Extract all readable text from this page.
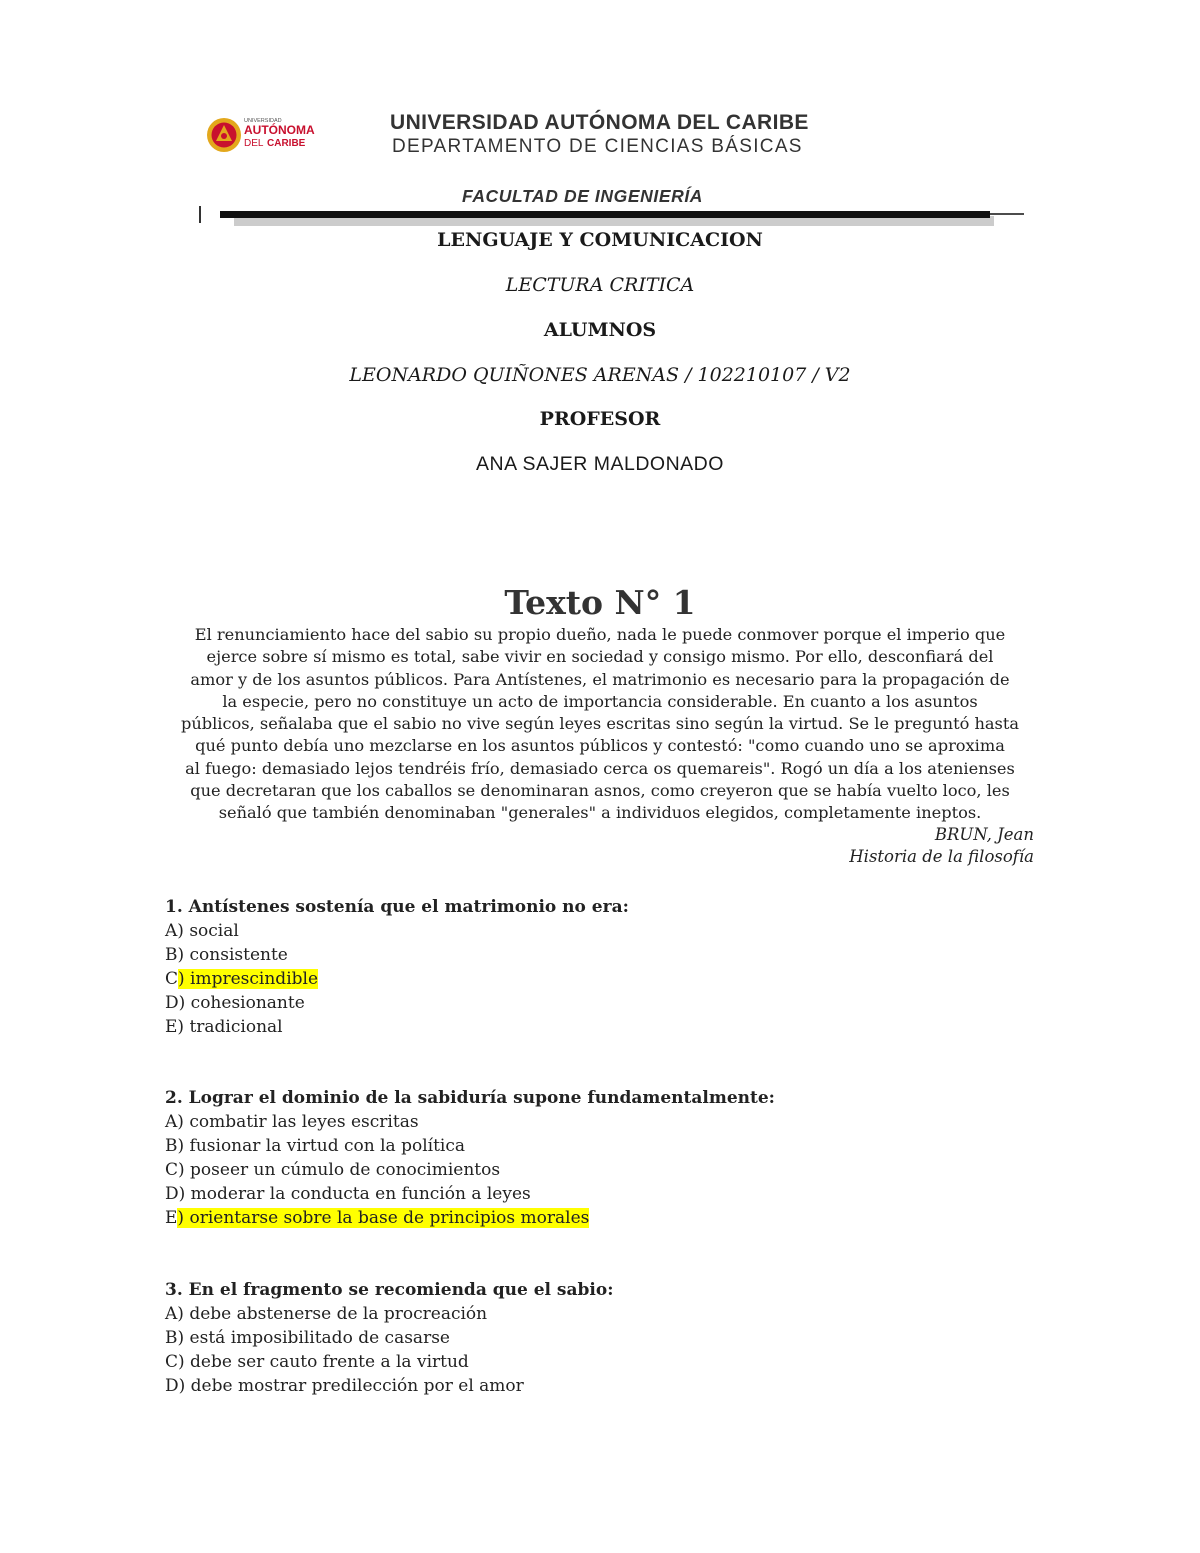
UNIVERSIDAD
AUTÓNOMA
DEL CARIBE
UNIVERSIDAD AUTÓNOMA DEL CARIBE
DEPARTAMENTO DE CIENCIAS BÁSICAS
FACULTAD DE INGENIERÍA
LENGUAJE Y COMUNICACION
LECTURA CRITICA
ALUMNOS
LEONARDO QUIÑONES ARENAS / 102210107 / V2
PROFESOR
ANA SAJER MALDONADO
Texto N° 1
El renunciamiento hace del sabio su propio dueño, nada le puede conmover porque el imperio que
ejerce sobre sí mismo es total, sabe vivir en sociedad y consigo mismo. Por ello, desconfiará del
amor y de los asuntos públicos. Para Antístenes, el matrimonio es necesario para la propagación de
la especie, pero no constituye un acto de importancia considerable. En cuanto a los asuntos
públicos, señalaba que el sabio no vive según leyes escritas sino según la virtud. Se le preguntó hasta
qué punto debía uno mezclarse en los asuntos públicos y contestó: "como cuando uno se aproxima
al fuego: demasiado lejos tendréis frío, demasiado cerca os quemareis". Rogó un día a los atenienses
que decretaran que los caballos se denominaran asnos, como creyeron que se había vuelto loco, les
señaló que también denominaban "generales" a individuos elegidos, completamente ineptos.
BRUN, Jean
Historia de la filosofía
1. Antístenes sostenía que el matrimonio no era:
A) social
B) consistente
C) imprescindible
D) cohesionante
E) tradicional
2. Lograr el dominio de la sabiduría supone fundamentalmente:
A) combatir las leyes escritas
B) fusionar la virtud con la política
C) poseer un cúmulo de conocimientos
D) moderar la conducta en función a leyes
E) orientarse sobre la base de principios morales
3. En el fragmento se recomienda que el sabio:
A) debe abstenerse de la procreación
B) está imposibilitado de casarse
C) debe ser cauto frente a la virtud
D) debe mostrar predilección por el amor
